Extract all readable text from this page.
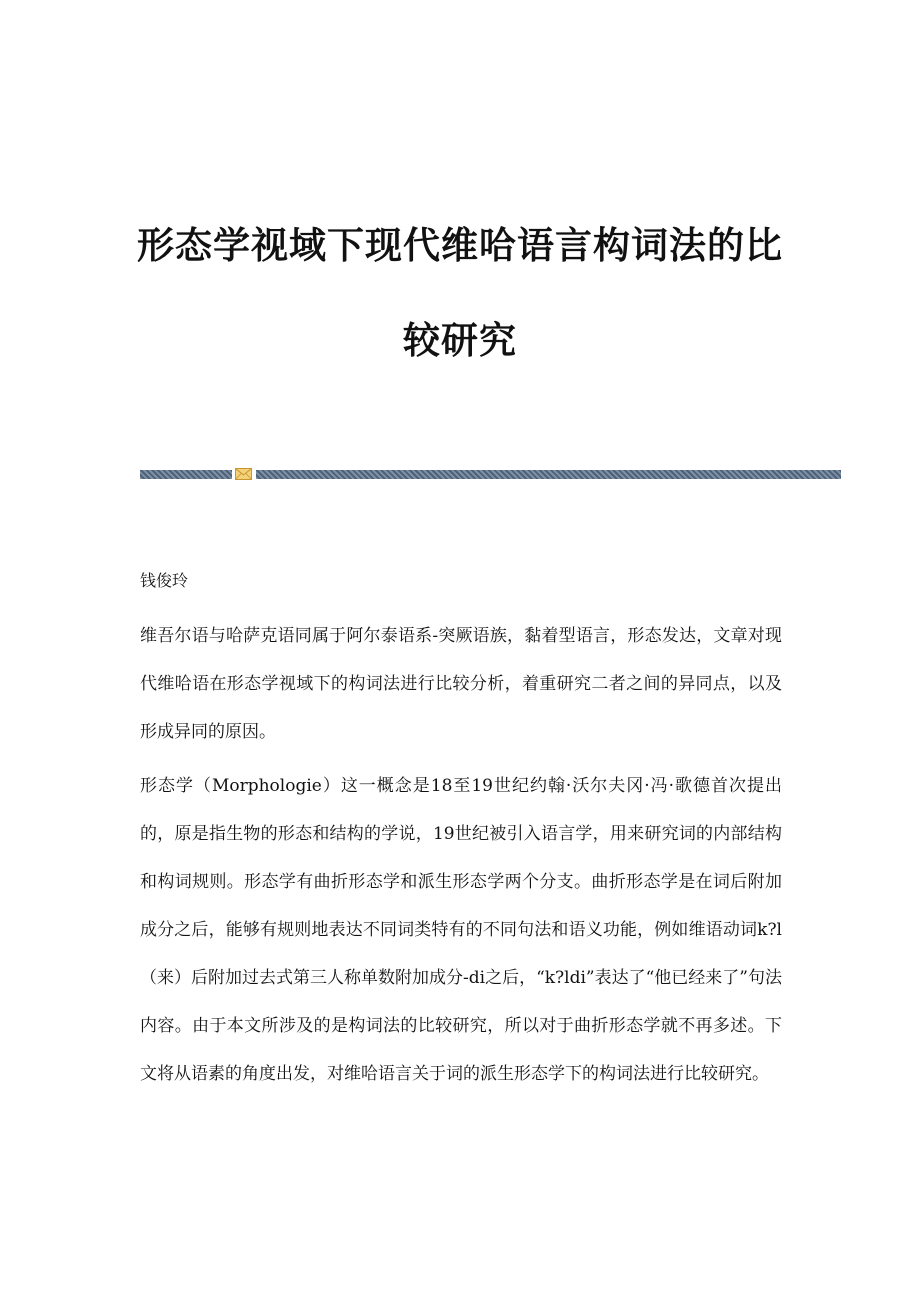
形态学视域下现代维哈语言构词法的比
较研究

钱俊玲

维吾尔语与哈萨克语同属于阿尔泰语系-突厥语族，黏着型语言，形态发达，文章对现代维哈语在形态学视域下的构词法进行比较分析，着重研究二者之间的异同点，以及形成异同的原因。

形态学（Morphologie）这一概念是18至19世纪约翰·沃尔夫冈·冯·歌德首次提出的，原是指生物的形态和结构的学说，19世纪被引入语言学，用来研究词的内部结构和构词规则。形态学有曲折形态学和派生形态学两个分支。曲折形态学是在词后附加成分之后，能够有规则地表达不同词类特有的不同句法和语义功能，例如维语动词k?l（来）后附加过去式第三人称单数附加成分-di之后，“k?ldi”表达了“他已经来了”句法内容。由于本文所涉及的是构词法的比较研究，所以对于曲折形态学就不再多述。下文将从语素的角度出发，对维哈语言关于词的派生形态学下的构词法进行比较研究。
